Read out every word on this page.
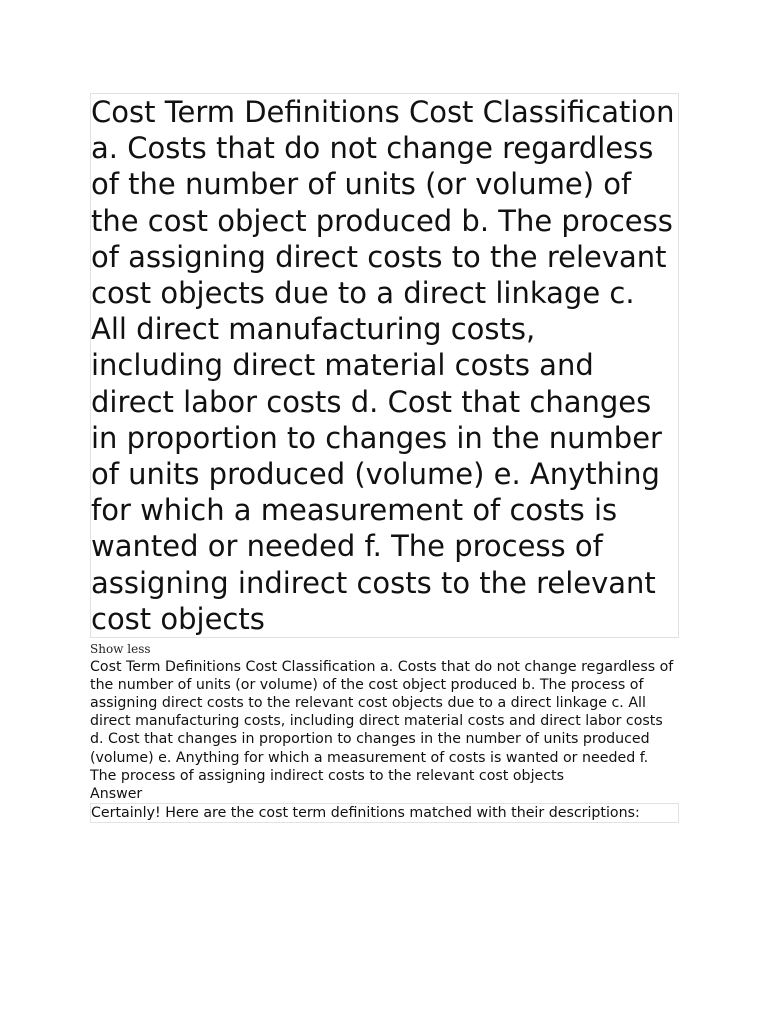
Cost Term Definitions Cost Classification a. Costs that do not change regardless of the number of units (or volume) of the cost object produced b. The process of assigning direct costs to the relevant cost objects due to a direct linkage c. All direct manufacturing costs, including direct material costs and direct labor costs d. Cost that changes in proportion to changes in the number of units produced (volume) e. Anything for which a measurement of costs is wanted or needed f. The process of assigning indirect costs to the relevant cost objects
Show less

Cost Term Definitions Cost Classification a. Costs that do not change regardless of the number of units (or volume) of the cost object produced b. The process of assigning direct costs to the relevant cost objects due to a direct linkage c. All direct manufacturing costs, including direct material costs and direct labor costs d. Cost that changes in proportion to changes in the number of units produced (volume) e. Anything for which a measurement of costs is wanted or needed f. The process of assigning indirect costs to the relevant cost objects

Answer

Certainly! Here are the cost term definitions matched with their descriptions:
